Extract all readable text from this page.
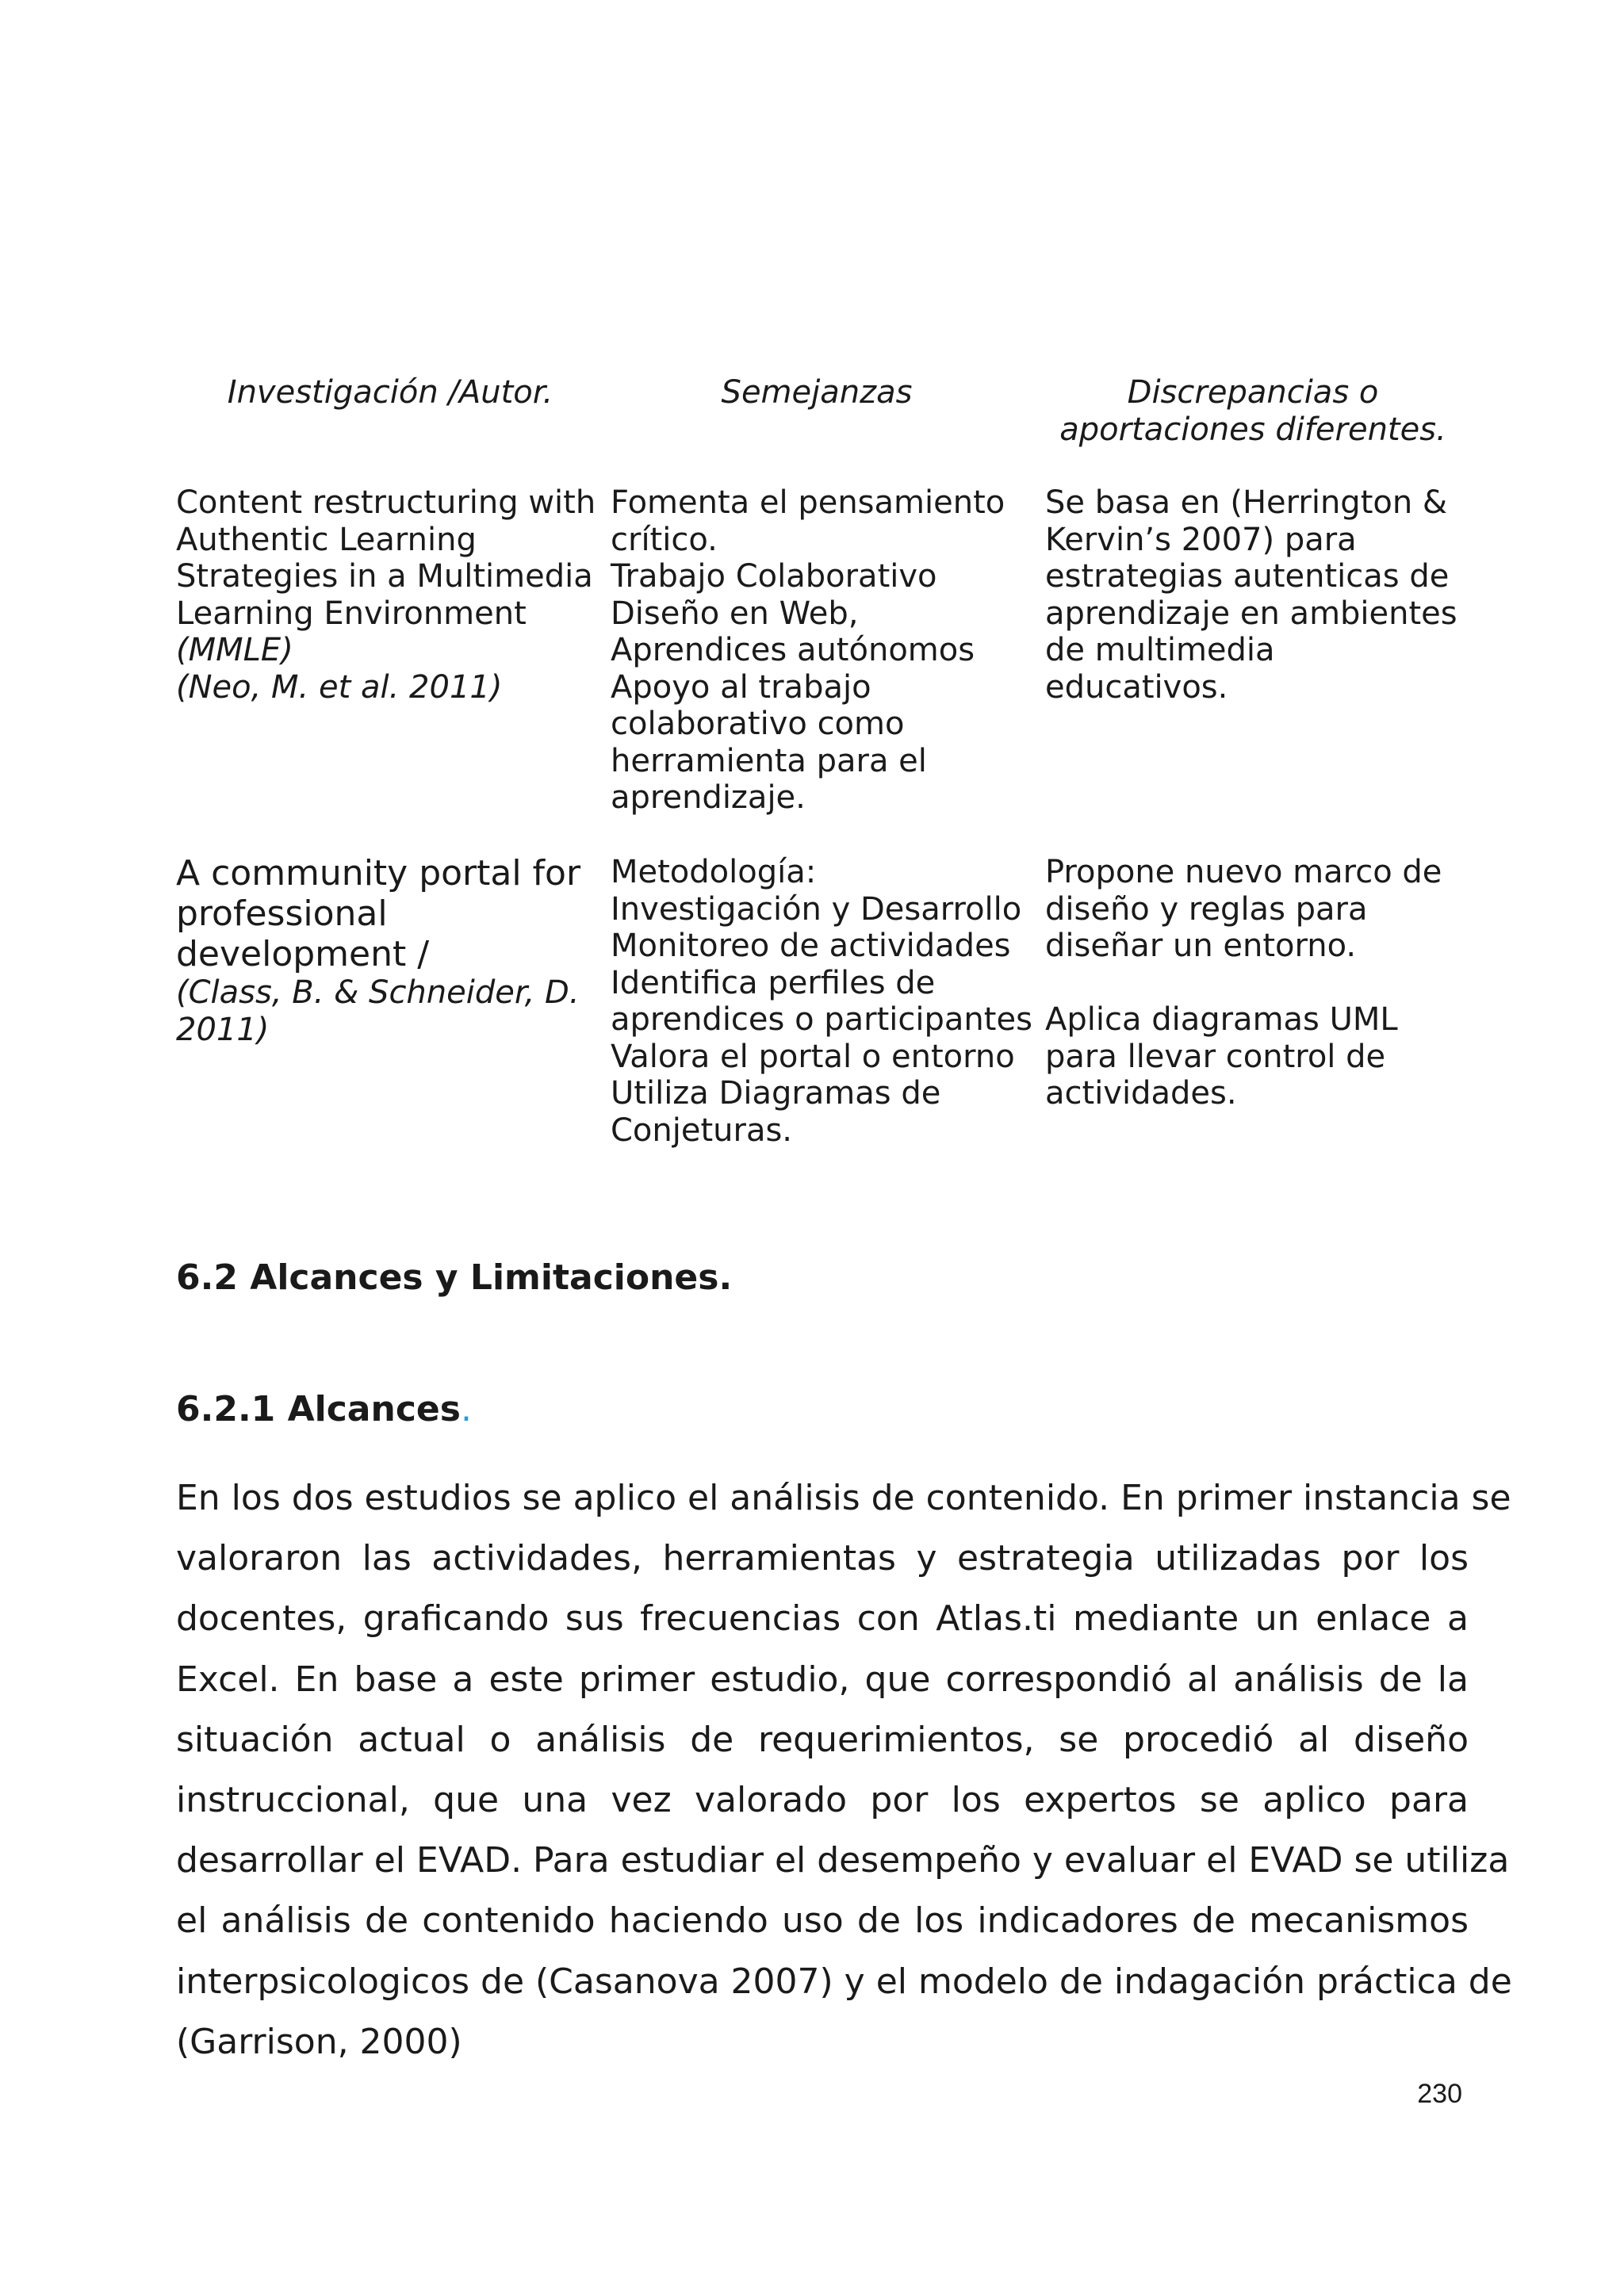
Investigación /Autor.	Semejanzas	Discrepancias o
aportaciones diferentes.
Content restructuring with
Authentic Learning
Strategies in a Multimedia
Learning Environment
(MMLE)
(Neo, M. et al. 2011)
Fomenta el pensamiento
crítico.
Trabajo Colaborativo
Diseño en Web,
Aprendices autónomos
Apoyo al trabajo
colaborativo como
herramienta para el
aprendizaje.
Se basa en (Herrington &
Kervin’s 2007) para
estrategias autenticas de
aprendizaje en ambientes
de multimedia
educativos.
A community portal for
professional
development /
(Class, B. & Schneider, D.
2011)
Metodología:
Investigación y Desarrollo
Monitoreo de actividades
Identifica perfiles de
aprendices o participantes
Valora el portal o entorno
Utiliza Diagramas de
Conjeturas.
Propone nuevo marco de
diseño y reglas para
diseñar un entorno.

Aplica diagramas UML
para llevar control de
actividades.
6.2 Alcances y Limitaciones.
6.2.1 Alcances.
En los dos estudios se aplico el análisis de contenido. En primer instancia se
valoraron las actividades, herramientas y estrategia utilizadas por los
docentes, graficando sus frecuencias con Atlas.ti mediante un enlace a
Excel. En base a este primer estudio, que correspondió al análisis de la
situación actual o análisis de requerimientos, se procedió al diseño
instruccional, que una vez valorado por los expertos se aplico para
desarrollar el EVAD. Para estudiar el desempeño y evaluar el EVAD se utiliza
el análisis de contenido haciendo uso de los indicadores de mecanismos
interpsicologicos de (Casanova 2007) y el modelo de indagación práctica de
(Garrison, 2000)
230
